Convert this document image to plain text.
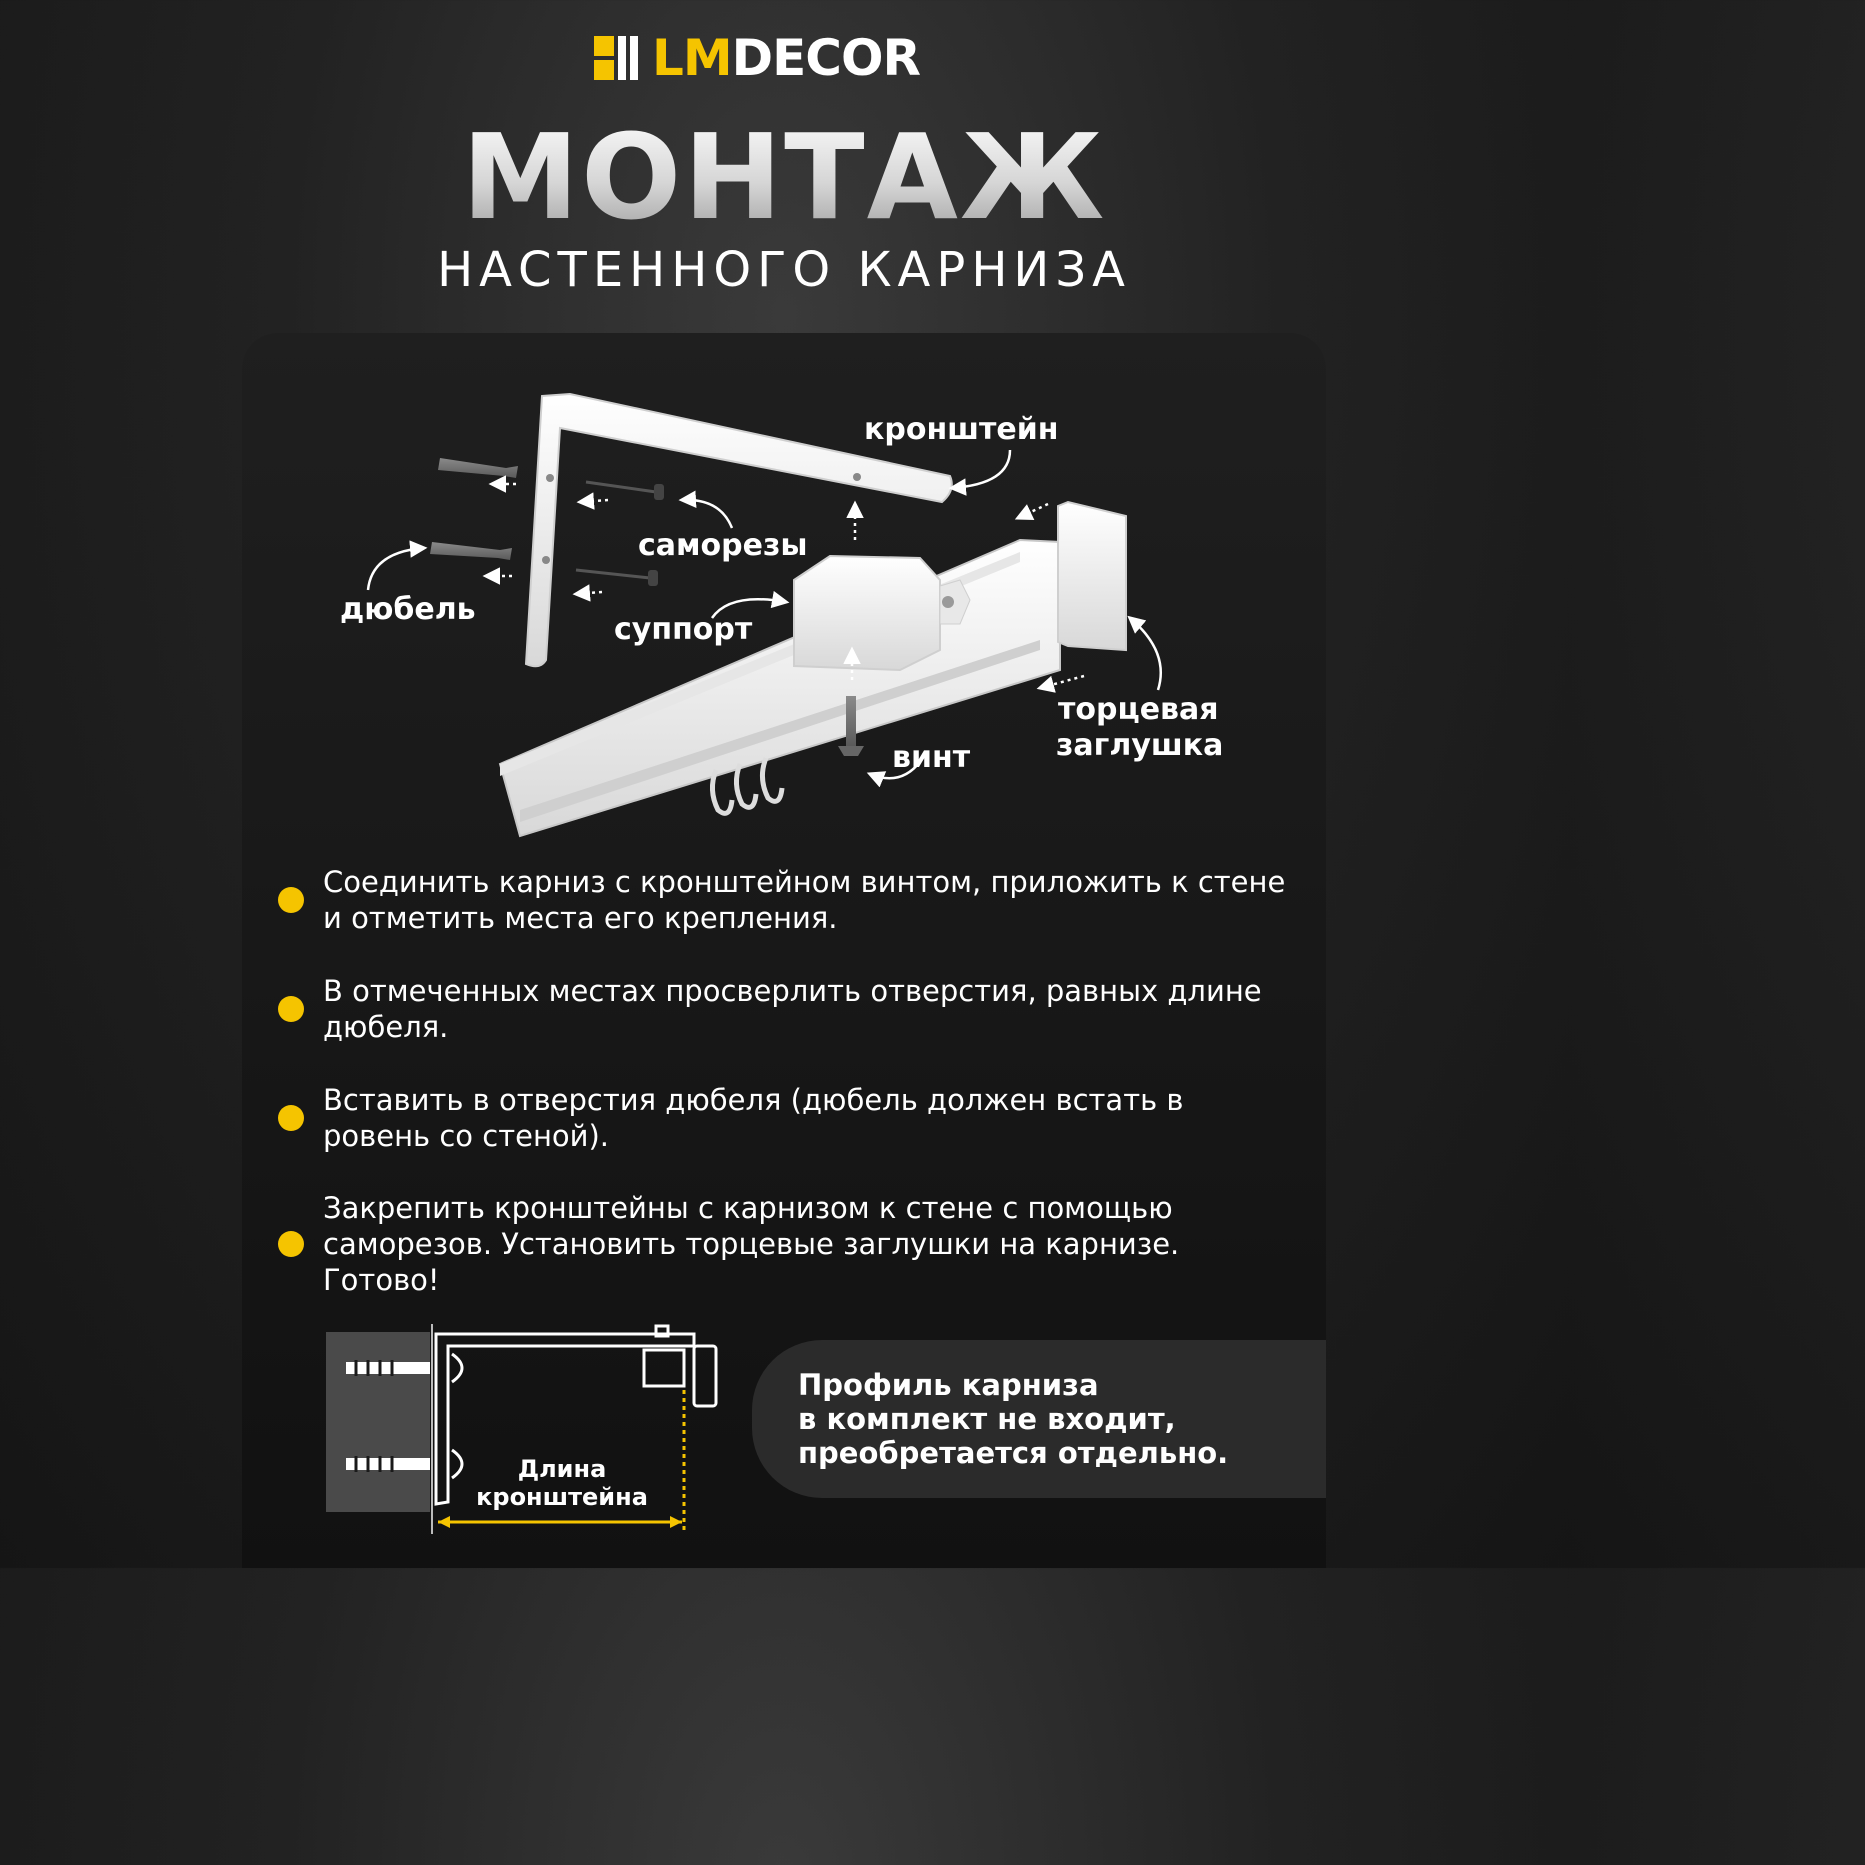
LMDECOR
МОНТАЖ
НАСТЕННОГО КАРНИЗА
кронштейн
саморезы
дюбель
суппорт
торцевая
заглушка
винт
Соединить карниз с кронштейном винтом, приложить к стене и отметить места его крепления.
В отмеченных местах просверлить отверстия, равных длине дюбеля.
Вставить в отверстия дюбеля (дюбель должен встать в ровень со стеной).
Закрепить кронштейны с карнизом к стене с помощью саморезов. Установить торцевые заглушки на карнизе. Готово!
Длина
кронштейна
Профиль карниза
в комплект не входит,
преобретается отдельно.
